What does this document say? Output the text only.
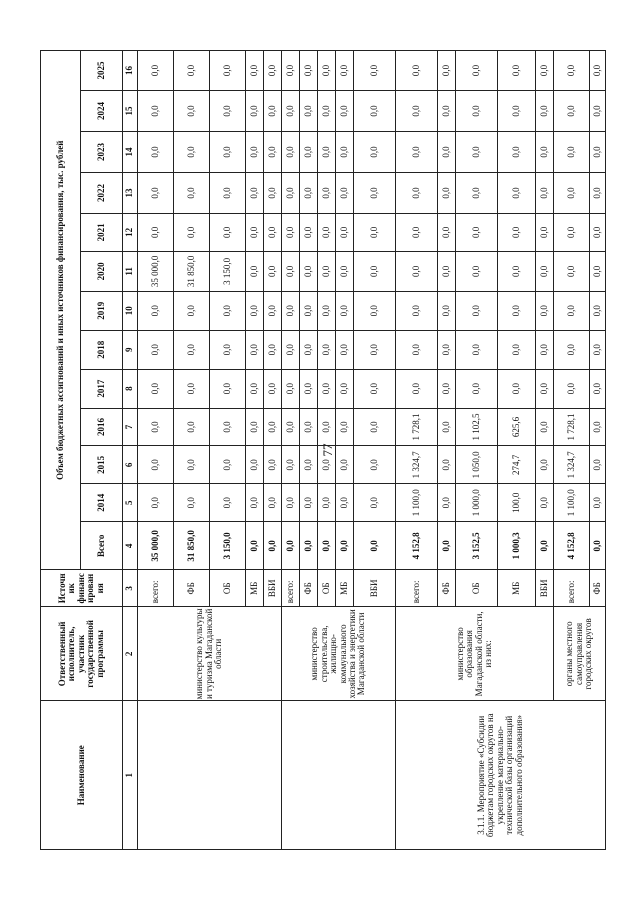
77
Наименование	Ответственный исполнитель, участник государственной программы	Источник финансирования	Объем бюджетных ассигнований и иных источников финансирования, тыс. рублей												
			Всего	2014	2015	2016	2017	2018	2019	2020	2021	2022	2023	2024	2025
1	2	3	4	5	6	7	8	9	10	11	12	13	14	15	16
	министерство культуры и туризма Магаданской области	всего:	35 000,0	0,0	0,0	0,0	0,0	0,0	0,0	35 000,0	0,0	0,0	0,0	0,0	0,0
		ФБ	31 850,0	0,0	0,0	0,0	0,0	0,0	0,0	31 850,0	0,0	0,0	0,0	0,0	0,0
		ОБ	3 150,0	0,0	0,0	0,0	0,0	0,0	0,0	3 150,0	0,0	0,0	0,0	0,0	0,0
		МБ	0,0	0,0	0,0	0,0	0,0	0,0	0,0	0,0	0,0	0,0	0,0	0,0	0,0
		ВБИ	0,0	0,0	0,0	0,0	0,0	0,0	0,0	0,0	0,0	0,0	0,0	0,0	0,0
	министерство строительства, жилищно-коммунального хозяйства и энергетики Магаданской области	всего:	0,0	0,0	0,0	0,0	0,0	0,0	0,0	0,0	0,0	0,0	0,0	0,0	0,0
		ФБ	0,0	0,0	0,0	0,0	0,0	0,0	0,0	0,0	0,0	0,0	0,0	0,0	0,0
		ОБ	0,0	0,0	0,0	0,0	0,0	0,0	0,0	0,0	0,0	0,0	0,0	0,0	0,0
		МБ	0,0	0,0	0,0	0,0	0,0	0,0	0,0	0,0	0,0	0,0	0,0	0,0	0,0
		ВБИ	0,0	0,0	0,0	0,0	0,0	0,0	0,0	0,0	0,0	0,0	0,0	0,0	0,0
3.1.1. Мероприятие «Субсидии бюджетам городских округов на укрепление материально-технической базы организаций дополнительного образования»	министерство образования Магаданской области, из них:	всего:	4 152,8	1 100,0	1 324,7	1 728,1	0,0	0,0	0,0	0,0	0,0	0,0	0,0	0,0	0,0
		ФБ	0,0	0,0	0,0	0,0	0,0	0,0	0,0	0,0	0,0	0,0	0,0	0,0	0,0
		ОБ	3 152,5	1 000,0	1 050,0	1 102,5	0,0	0,0	0,0	0,0	0,0	0,0	0,0	0,0	0,0
		МБ	1 000,3	100,0	274,7	625,6	0,0	0,0	0,0	0,0	0,0	0,0	0,0	0,0	0,0
		ВБИ	0,0	0,0	0,0	0,0	0,0	0,0	0,0	0,0	0,0	0,0	0,0	0,0	0,0
	органы местного самоуправления городских округов	всего:	4 152,8	1 100,0	1 324,7	1 728,1	0,0	0,0	0,0	0,0	0,0	0,0	0,0	0,0	0,0
		ФБ	0,0	0,0	0,0	0,0	0,0	0,0	0,0	0,0	0,0	0,0	0,0	0,0	0,0
